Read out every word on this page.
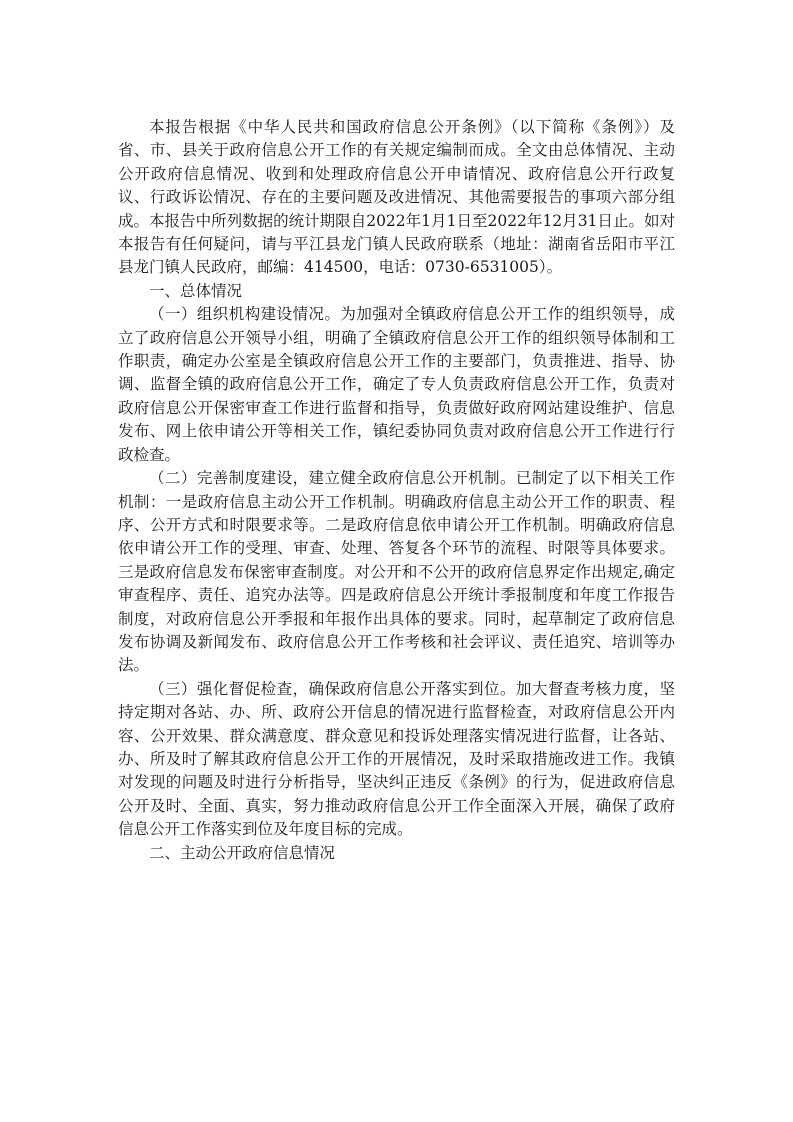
本报告根据《中华人民共和国政府信息公开条例》（以下简称《条例》）及省、市、县关于政府信息公开工作的有关规定编制而成。全文由总体情况、主动公开政府信息情况、收到和处理政府信息公开申请情况、政府信息公开行政复议、行政诉讼情况、存在的主要问题及改进情况、其他需要报告的事项六部分组成。本报告中所列数据的统计期限自2022年1月1日至2022年12月31日止。如对本报告有任何疑问，请与平江县龙门镇人民政府联系（地址：湖南省岳阳市平江县龙门镇人民政府，邮编：414500，电话：0730-6531005）。

一、总体情况

（一）组织机构建设情况。为加强对全镇政府信息公开工作的组织领导，成立了政府信息公开领导小组，明确了全镇政府信息公开工作的组织领导体制和工作职责，确定办公室是全镇政府信息公开工作的主要部门，负责推进、指导、协调、监督全镇的政府信息公开工作，确定了专人负责政府信息公开工作，负责对政府信息公开保密审查工作进行监督和指导，负责做好政府网站建设维护、信息发布、网上依申请公开等相关工作，镇纪委协同负责对政府信息公开工作进行行政检查。

（二）完善制度建设，建立健全政府信息公开机制。已制定了以下相关工作机制：一是政府信息主动公开工作机制。明确政府信息主动公开工作的职责、程序、公开方式和时限要求等。二是政府信息依申请公开工作机制。明确政府信息依申请公开工作的受理、审查、处理、答复各个环节的流程、时限等具体要求。三是政府信息发布保密审查制度。对公开和不公开的政府信息界定作出规定,确定审查程序、责任、追究办法等。四是政府信息公开统计季报制度和年度工作报告制度，对政府信息公开季报和年报作出具体的要求。同时，起草制定了政府信息发布协调及新闻发布、政府信息公开工作考核和社会评议、责任追究、培训等办法。

（三）强化督促检查，确保政府信息公开落实到位。加大督查考核力度，坚持定期对各站、办、所、政府公开信息的情况进行监督检查，对政府信息公开内容、公开效果、群众满意度、群众意见和投诉处理落实情况进行监督，让各站、办、所及时了解其政府信息公开工作的开展情况，及时采取措施改进工作。我镇对发现的问题及时进行分析指导，坚决纠正违反《条例》的行为，促进政府信息公开及时、全面、真实，努力推动政府信息公开工作全面深入开展，确保了政府信息公开工作落实到位及年度目标的完成。

二、主动公开政府信息情况
